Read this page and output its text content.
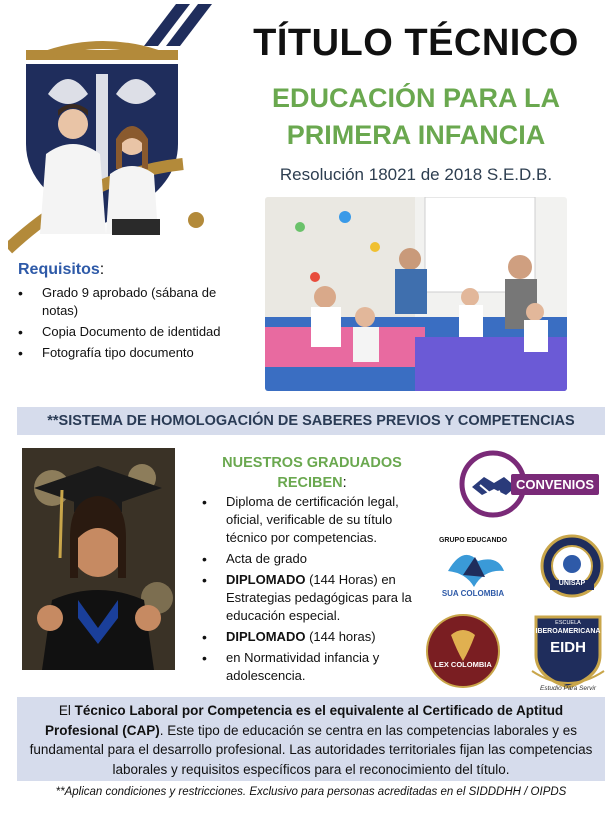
TÍTULO TÉCNICO
EDUCACIÓN PARA LA
PRIMERA INFANCIA
Resolución 18021 de 2018 S.E.D.B.
Requisitos:
• Grado 9 aprobado (sábana de notas)
• Copia Documento de identidad
• Fotografía tipo documento
**SISTEMA DE HOMOLOGACIÓN DE SABERES PREVIOS Y COMPETENCIAS
NUESTROS GRADUADOS
RECIBEN:
• Diploma de certificación legal, oficial, verificable de su título técnico por competencias.
• Acta de grado
• DIPLOMADO (144 Horas) en Estrategias pedagógicas para la educación especial.
• DIPLOMADO (144 horas)
• en Normatividad infancia y adolescencia.
CONVENIOS
GRUPO EDUCANDO
SUA COLOMBIA
UNISAP
LEX COLOMBIA
ESCUELA
IBEROAMERICANA
EIDH
Estudio Para Servir
El Técnico Laboral por Competencia es el equivalente al Certificado de Aptitud Profesional (CAP). Este tipo de educación se centra en las competencias laborales y es fundamental para el desarrollo profesional. Las autoridades territoriales fijan las competencias laborales y requisitos específicos para el reconocimiento del título.
**Aplican condiciones y restricciones. Exclusivo para personas acreditadas en el SIDDDHH / OIPDS
